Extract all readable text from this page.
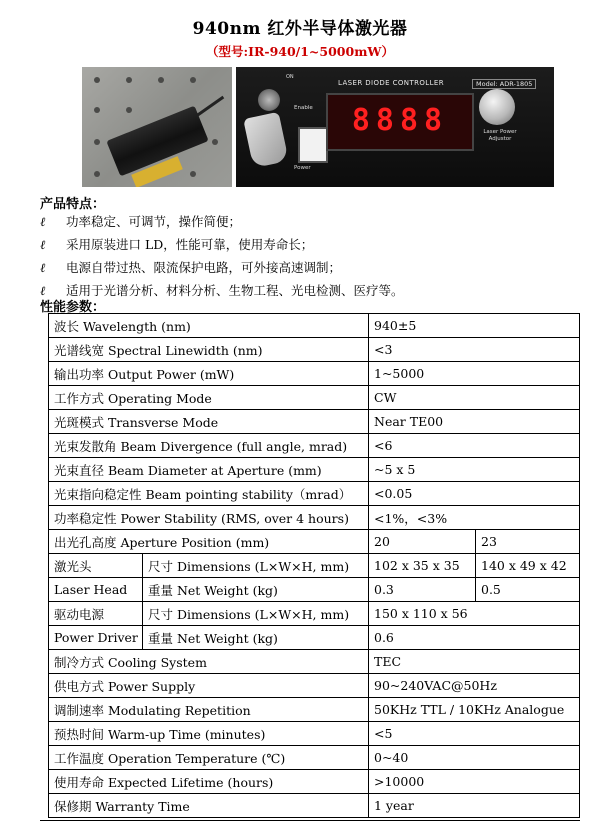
940nm 红外半导体激光器
（型号:IR-940/1~5000mW）
ON
Enable
Power
LASER DIODE CONTROLLER
8888
Model: ADR-1805
Laser Power Adjustor
产品特点：
ℓ 功率稳定、可调节，操作简便；
ℓ 采用原装进口 LD，性能可靠，使用寿命长；
ℓ 电源自带过热、限流保护电路，可外接高速调制；
ℓ 适用于光谱分析、材料分析、生物工程、光电检测、医疗等。
性能参数：
波长 Wavelength (nm)		940±5	
光谱线宽 Spectral Linewidth (nm)		<3	
输出功率 Output Power (mW)		1~5000	
工作方式 Operating Mode		CW	
光斑模式 Transverse Mode		Near TE00	
光束发散角 Beam Divergence (full angle, mrad)		<6	
光束直径 Beam Diameter at Aperture (mm)		~5 x 5	
光束指向稳定性 Beam pointing stability（mrad）		<0.05	
功率稳定性 Power Stability (RMS, over 4 hours)		<1%，<3%	
出光孔高度 Aperture Position (mm)		20	23
激光头	尺寸 Dimensions (L×W×H, mm)	102 x 35 x 35	140 x 49 x 42
Laser Head	重量 Net Weight (kg)	0.3	0.5
驱动电源	尺寸 Dimensions (L×W×H, mm)	150 x 110 x 56	
Power Driver	重量 Net Weight (kg)	0.6	
制冷方式 Cooling System		TEC	
供电方式 Power Supply		90~240VAC@50Hz	
调制速率 Modulating Repetition		50KHz TTL / 10KHz Analogue	
预热时间 Warm-up Time (minutes)		<5	
工作温度 Operation Temperature (℃)		0~40	
使用寿命 Expected Lifetime (hours)		>10000	
保修期 Warranty Time		1 year	
